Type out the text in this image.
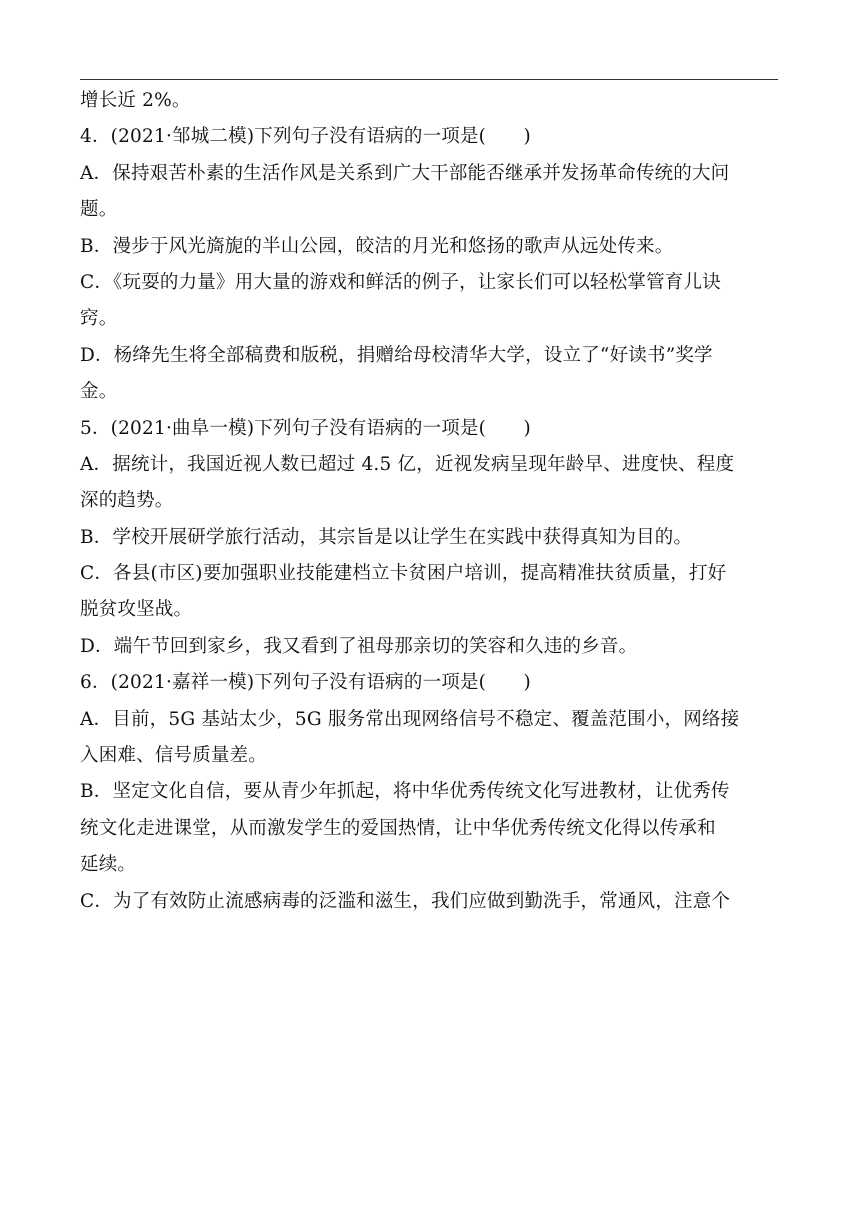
增长近 2%。
4．(2021·邹城二模)下列句子没有语病的一项是(　　)
A．保持艰苦朴素的生活作风是关系到广大干部能否继承并发扬革命传统的大问
题。
B．漫步于风光旖旎的半山公园，皎洁的月光和悠扬的歌声从远处传来。
C．《玩耍的力量》用大量的游戏和鲜活的例子，让家长们可以轻松掌管育儿诀
窍。
D．杨绛先生将全部稿费和版税，捐赠给母校清华大学，设立了“好读书”奖学
金。
5．(2021·曲阜一模)下列句子没有语病的一项是(　　)
A．据统计，我国近视人数已超过 4.5 亿，近视发病呈现年龄早、进度快、程度
深的趋势。
B．学校开展研学旅行活动，其宗旨是以让学生在实践中获得真知为目的。
C．各县(市区)要加强职业技能建档立卡贫困户培训，提高精准扶贫质量，打好
脱贫攻坚战。
D．端午节回到家乡，我又看到了祖母那亲切的笑容和久违的乡音。
6．(2021·嘉祥一模)下列句子没有语病的一项是(　　)
A．目前，5G 基站太少，5G 服务常出现网络信号不稳定、覆盖范围小，网络接
入困难、信号质量差。
B．坚定文化自信，要从青少年抓起，将中华优秀传统文化写进教材，让优秀传
统文化走进课堂，从而激发学生的爱国热情，让中华优秀传统文化得以传承和
延续。
C．为了有效防止流感病毒的泛滥和滋生，我们应做到勤洗手，常通风，注意个
